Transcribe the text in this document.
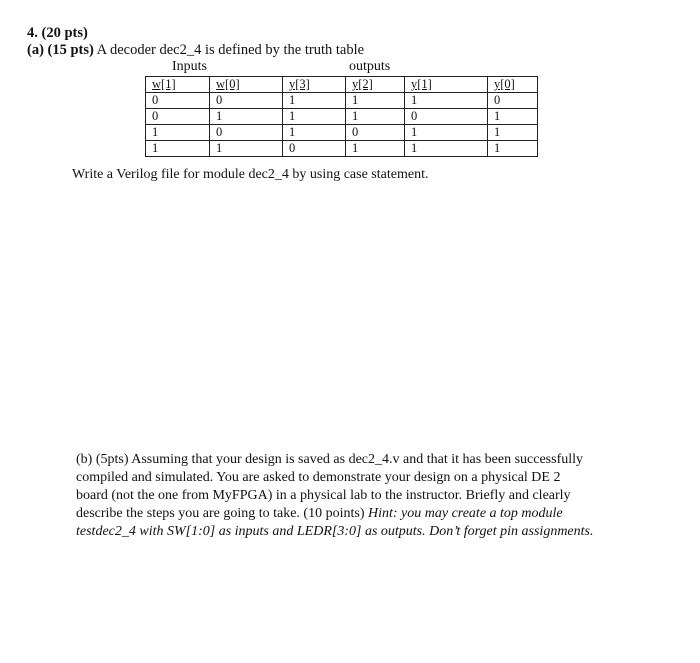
4. (20 pts)
(a) (15 pts) A decoder dec2_4 is defined by the truth table
Inputs	outputs
w[1]	w[0]	y[3]	y[2]	y[1]	y[0]
0	0	1	1	1	0
0	1	1	1	0	1
1	0	1	0	1	1
1	1	0	1	1	1
Write a Verilog file for module dec2_4 by using case statement.
(b) (5pts) Assuming that your design is saved as dec2_4.v and that it has been successfully
compiled and simulated. You are asked to demonstrate your design on a physical DE 2
board (not the one from MyFPGA) in a physical lab to the instructor. Briefly and clearly
describe the steps you are going to take. (10 points) Hint: you may create a top module
testdec2_4 with SW[1:0] as inputs and LEDR[3:0] as outputs. Don’t forget pin assignments.
